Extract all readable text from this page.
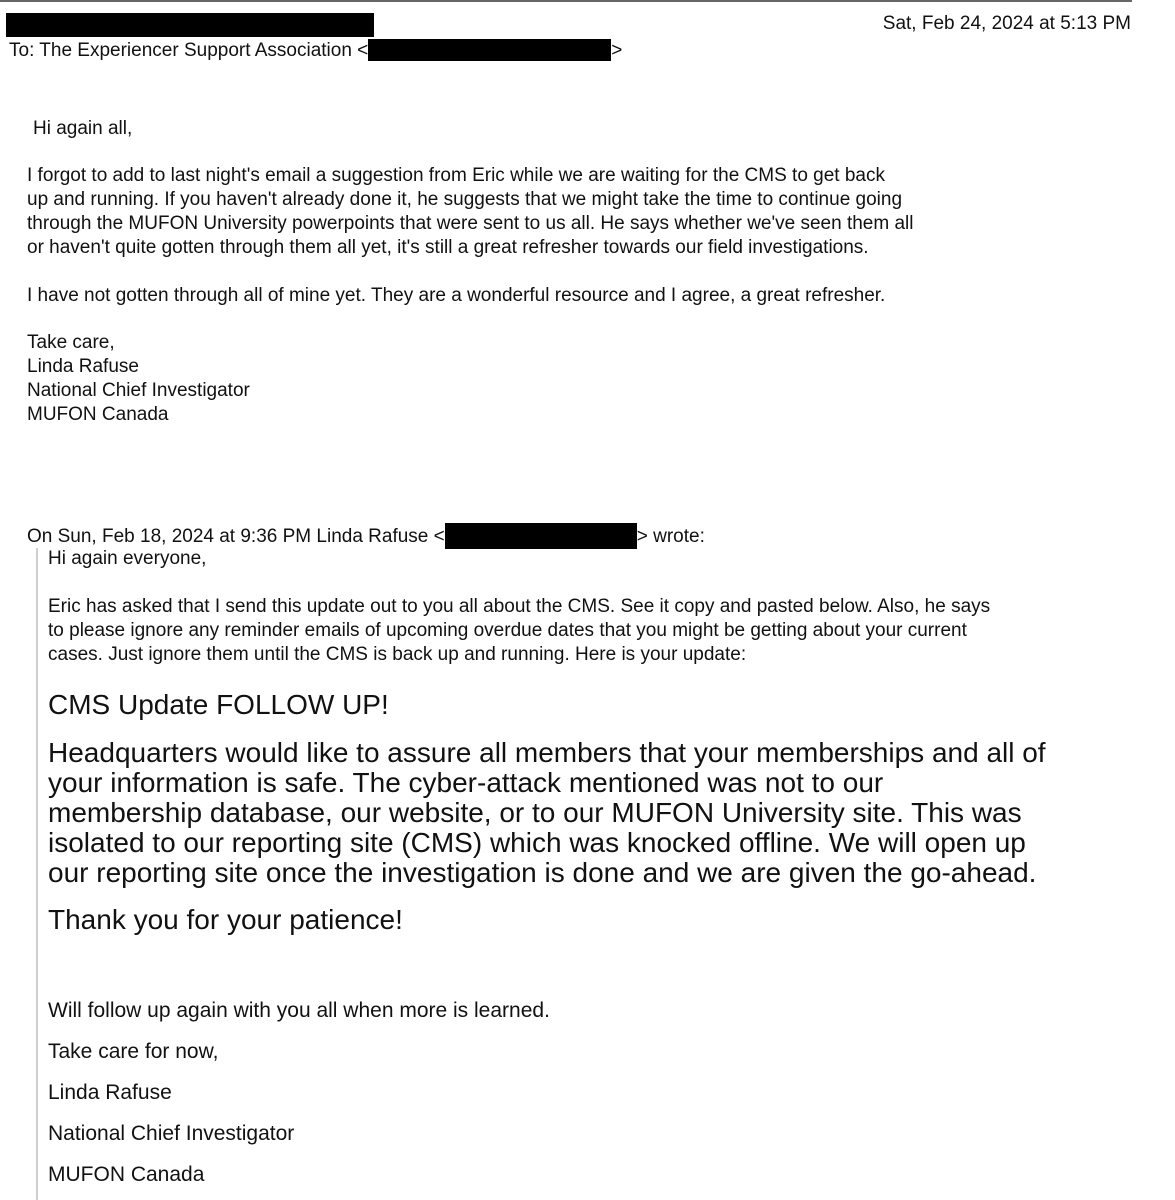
Sat, Feb 24, 2024 at 5:13 PM
To: The Experiencer Support Association <	>
Hi again all,
I forgot to add to last night's email a suggestion from Eric while we are waiting for the CMS to get back
up and running. If you haven't already done it, he suggests that we might take the time to continue going
through the MUFON University powerpoints that were sent to us all. He says whether we've seen them all
or haven't quite gotten through them all yet, it's still a great refresher towards our field investigations.
I have not gotten through all of mine yet. They are a wonderful resource and I agree, a great refresher.
Take care,
Linda Rafuse
National Chief Investigator
MUFON Canada
On Sun, Feb 18, 2024 at 9:36 PM Linda Rafuse <	> wrote:
Hi again everyone,
Eric has asked that I send this update out to you all about the CMS. See it copy and pasted below. Also, he says
to please ignore any reminder emails of upcoming overdue dates that you might be getting about your current
cases. Just ignore them until the CMS is back up and running. Here is your update:
CMS Update FOLLOW UP!
Headquarters would like to assure all members that your memberships and all of
your information is safe. The cyber-attack mentioned was not to our
membership database, our website, or to our MUFON University site. This was
isolated to our reporting site (CMS) which was knocked offline. We will open up
our reporting site once the investigation is done and we are given the go-ahead.
Thank you for your patience!
Will follow up again with you all when more is learned.
Take care for now,
Linda Rafuse
National Chief Investigator
MUFON Canada
